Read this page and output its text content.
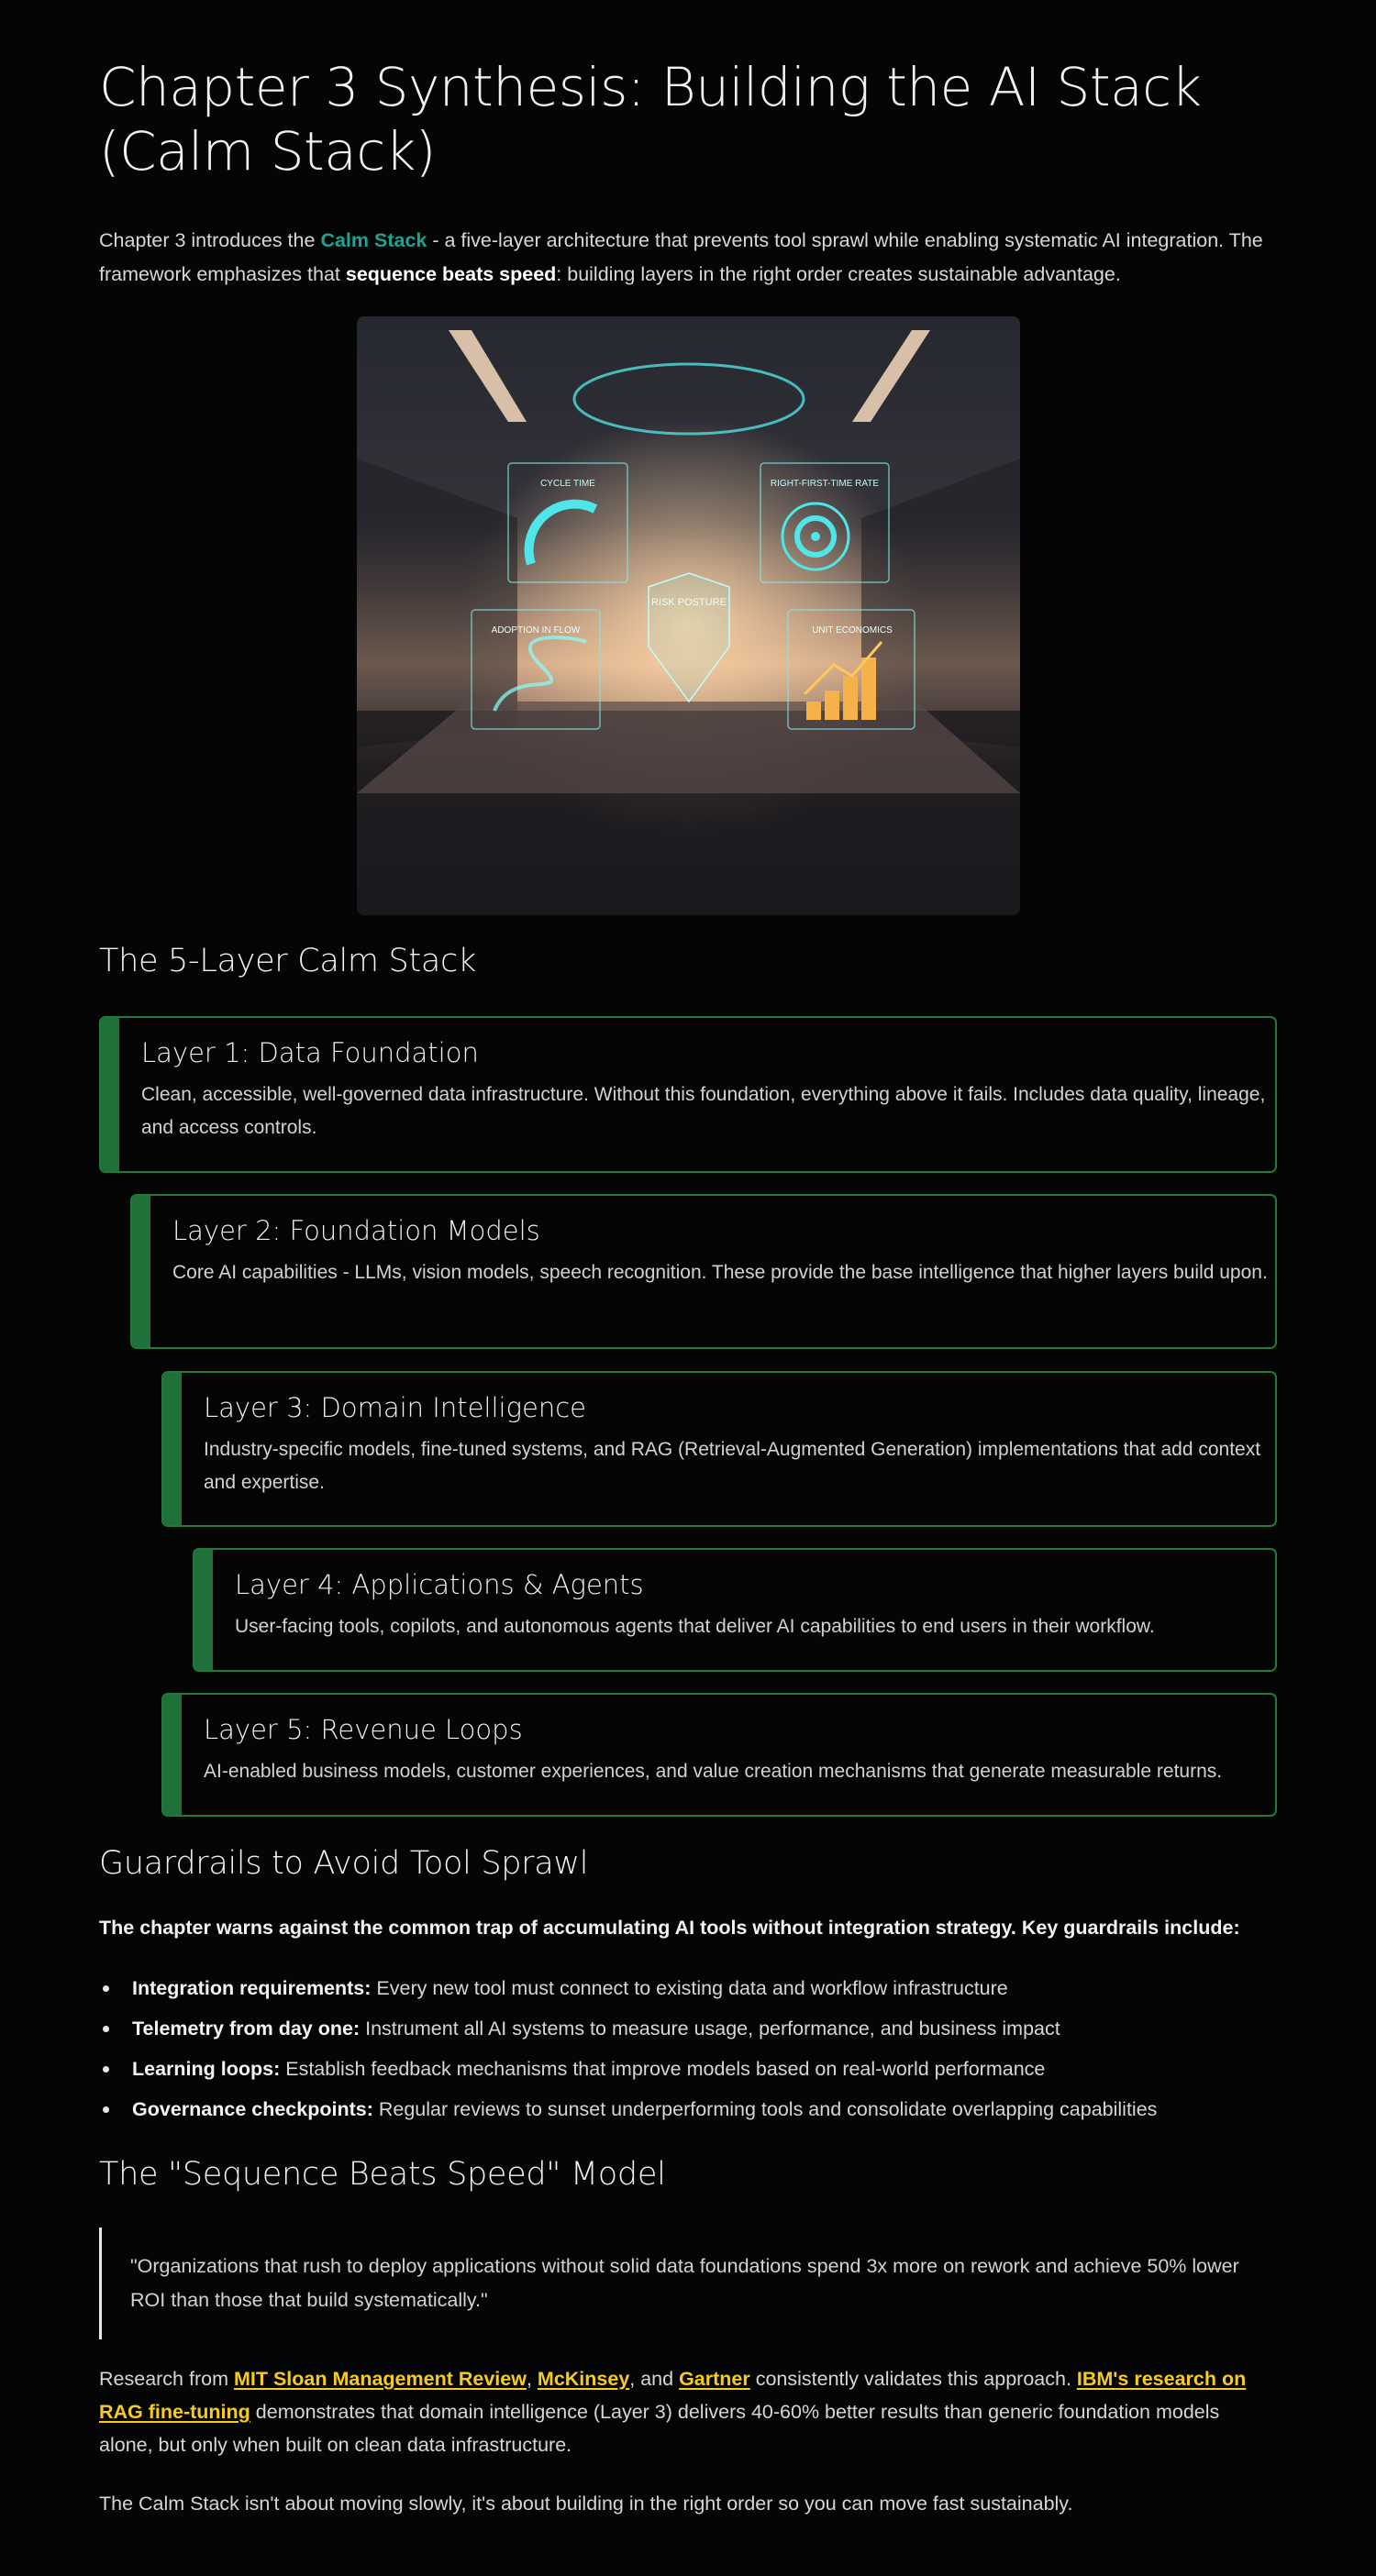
Chapter 3 Synthesis: Building the AI Stack (Calm Stack)

Chapter 3 introduces the Calm Stack - a five-layer architecture that prevents tool sprawl while enabling systematic AI integration. The framework emphasizes that sequence beats speed: building layers in the right order creates sustainable advantage.

CYCLE TIME	RIGHT-FIRST-TIME RATE
RISK POSTURE
ADOPTION IN FLOW	UNIT ECONOMICS
The 5-Layer Calm Stack
Layer 1: Data Foundation

Clean, accessible, well-governed data infrastructure. Without this foundation, everything above it fails. Includes data quality, lineage, and access controls.

Layer 2: Foundation Models

Core AI capabilities - LLMs, vision models, speech recognition. These provide the base intelligence that higher layers build upon.

Layer 3: Domain Intelligence

Industry-specific models, fine-tuned systems, and RAG (Retrieval-Augmented Generation) implementations that add context and expertise.

Layer 4: Applications & Agents

User-facing tools, copilots, and autonomous agents that deliver AI capabilities to end users in their workflow.

Layer 5: Revenue Loops

AI-enabled business models, customer experiences, and value creation mechanisms that generate measurable returns.

Guardrails to Avoid Tool Sprawl

The chapter warns against the common trap of accumulating AI tools without integration strategy. Key guardrails include:

Integration requirements: Every new tool must connect to existing data and workflow infrastructure
Telemetry from day one: Instrument all AI systems to measure usage, performance, and business impact
Learning loops: Establish feedback mechanisms that improve models based on real-world performance
Governance checkpoints: Regular reviews to sunset underperforming tools and consolidate overlapping capabilities
The "Sequence Beats Speed" Model
"Organizations that rush to deploy applications without solid data foundations spend 3x more on rework and achieve 50% lower ROI than those that build systematically."

Research from MIT Sloan Management Review, McKinsey, and Gartner consistently validates this approach. IBM's research on RAG fine-tuning demonstrates that domain intelligence (Layer 3) delivers 40-60% better results than generic foundation models alone, but only when built on clean data infrastructure.

The Calm Stack isn't about moving slowly, it's about building in the right order so you can move fast sustainably.
